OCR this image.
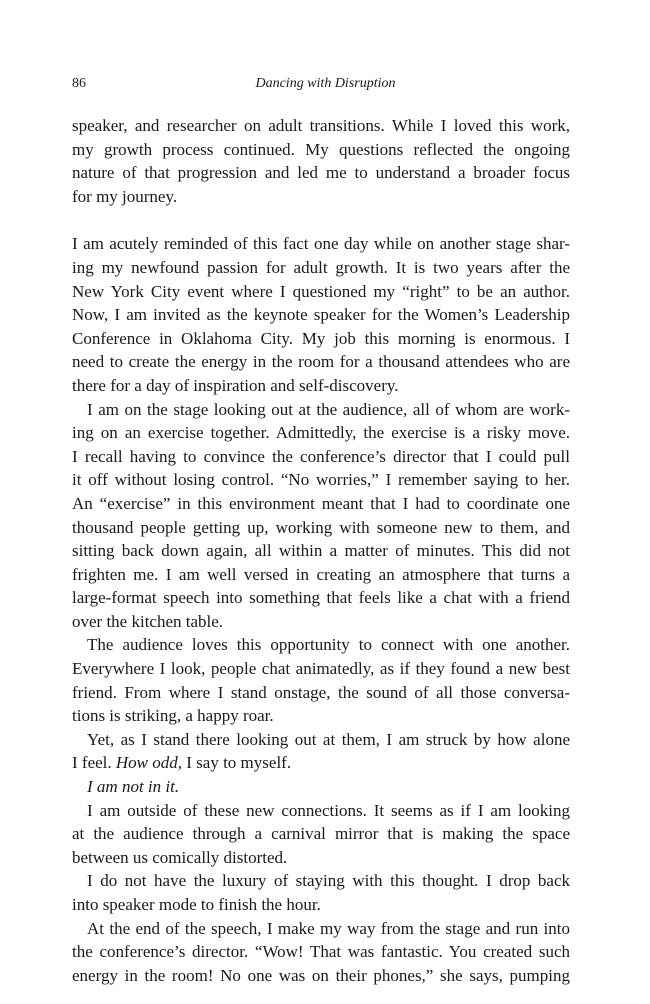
86	Dancing with Disruption
speaker, and researcher on adult transitions. While I loved this work,
my growth process continued. My questions reflected the ongoing
nature of that progression and led me to understand a broader focus
for my journey.
I am acutely reminded of this fact one day while on another stage shar-
ing my newfound passion for adult growth. It is two years after the
New York City event where I questioned my “right” to be an author.
Now, I am invited as the keynote speaker for the Women’s Leadership
Conference in Oklahoma City. My job this morning is enormous. I
need to create the energy in the room for a thousand attendees who are
there for a day of inspiration and self-discovery.
I am on the stage looking out at the audience, all of whom are work-
ing on an exercise together. Admittedly, the exercise is a risky move.
I recall having to convince the conference’s director that I could pull
it off without losing control. “No worries,” I remember saying to her.
An “exercise” in this environment meant that I had to coordinate one
thousand people getting up, working with someone new to them, and
sitting back down again, all within a matter of minutes. This did not
frighten me. I am well versed in creating an atmosphere that turns a
large-format speech into something that feels like a chat with a friend
over the kitchen table.
The audience loves this opportunity to connect with one another.
Everywhere I look, people chat animatedly, as if they found a new best
friend. From where I stand onstage, the sound of all those conversa-
tions is striking, a happy roar.
Yet, as I stand there looking out at them, I am struck by how alone
I feel. How odd, I say to myself.
I am not in it.
I am outside of these new connections. It seems as if I am looking
at the audience through a carnival mirror that is making the space
between us comically distorted.
I do not have the luxury of staying with this thought. I drop back
into speaker mode to finish the hour.
At the end of the speech, I make my way from the stage and run into
the conference’s director. “Wow! That was fantastic. You created such
energy in the room! No one was on their phones,” she says, pumping
